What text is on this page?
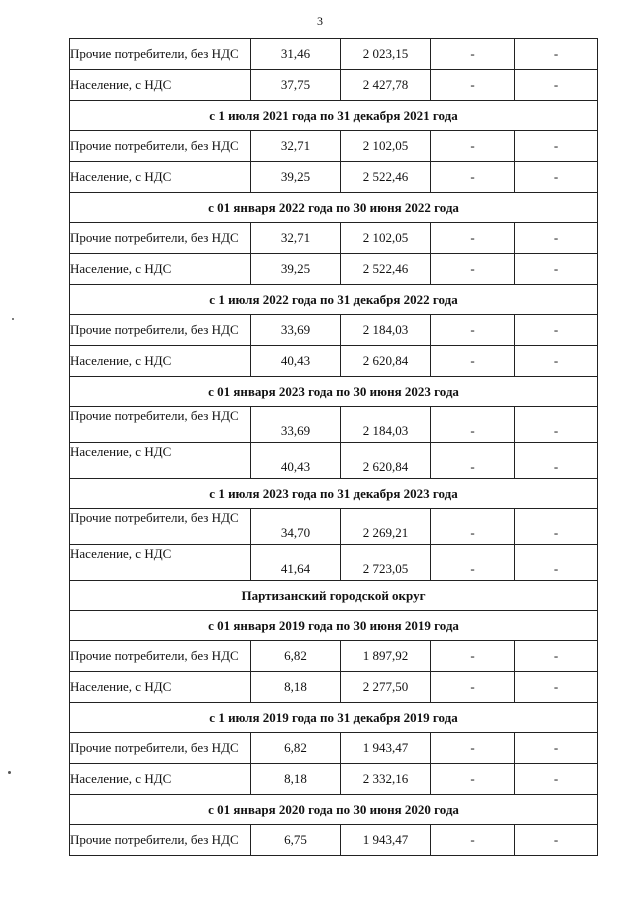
3
Прочие потребители, без НДС	31,46	2 023,15	-	-
Население, с НДС	37,75	2 427,78	-	-
с 1 июля 2021 года по 31 декабря 2021 года				
Прочие потребители, без НДС	32,71	2 102,05	-	-
Население, с НДС	39,25	2 522,46	-	-
с 01 января 2022 года по 30 июня 2022 года				
Прочие потребители, без НДС	32,71	2 102,05	-	-
Население, с НДС	39,25	2 522,46	-	-
с 1 июля 2022 года по 31 декабря 2022 года				
Прочие потребители, без НДС	33,69	2 184,03	-	-
Население, с НДС	40,43	2 620,84	-	-
с 01 января 2023 года по 30 июня 2023 года				
Прочие потребители, без НДС	33,69	2 184,03	-	-
Население, с НДС	40,43	2 620,84	-	-
с 1 июля 2023 года по 31 декабря 2023 года				
Прочие потребители, без НДС	34,70	2 269,21	-	-
Население, с НДС	41,64	2 723,05	-	-
Партизанский городской округ				
с 01 января 2019 года по 30 июня 2019 года				
Прочие потребители, без НДС	6,82	1 897,92	-	-
Население, с НДС	8,18	2 277,50	-	-
с 1 июля 2019 года по 31 декабря 2019 года				
Прочие потребители, без НДС	6,82	1 943,47	-	-
Население, с НДС	8,18	2 332,16	-	-
с 01 января 2020 года по 30 июня 2020 года				
Прочие потребители, без НДС	6,75	1 943,47	-	-
